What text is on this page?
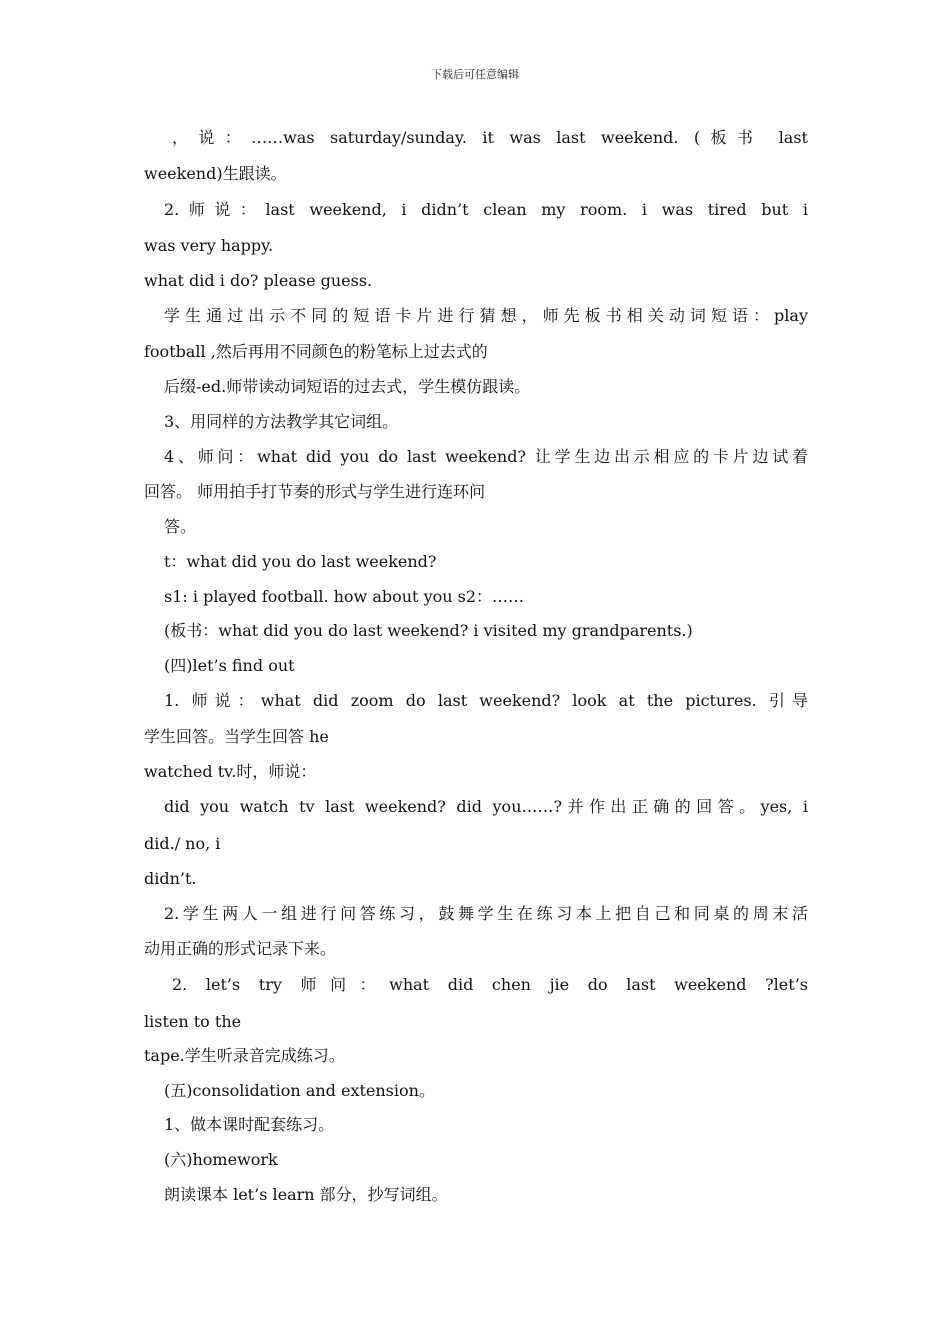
下载后可任意编辑
，说：……was saturday/sunday. it was last weekend. (板书 last
weekend)生跟读。
2.师说：last weekend, i didn’t clean my room. i was tired but i
was very happy.
what did i do? please guess.
学生通过出示不同的短语卡片进行猜想，师先板书相关动词短语：play
football ,然后再用不同颜色的粉笔标上过去式的
后缀-ed.师带读动词短语的过去式，学生模仿跟读。
3、用同样的方法教学其它词组。
4、师问：what did you do last weekend? 让学生边出示相应的卡片边试着
回答。 师用拍手打节奏的形式与学生进行连环问
答。
t：what did you do last weekend?
s1: i played football. how about you s2：……
(板书：what did you do last weekend? i visited my grandparents.)
(四)let’s find out
1. 师说：what did zoom do last weekend? look at the pictures. 引导
学生回答。当学生回答 he
watched tv.时，师说：
did you watch tv last weekend? did you……?并作出正确的回答。yes, i
did./ no, i
didn’t.
2.学生两人一组进行问答练习，鼓舞学生在练习本上把自己和同桌的周末活
动用正确的形式记录下来。
2. let’s try 师问：what did chen jie do last weekend ?let’s
listen to the
tape.学生听录音完成练习。
(五)consolidation and extension。
1、做本课时配套练习。
(六)homework
朗读课本 let’s learn 部分，抄写词组。
